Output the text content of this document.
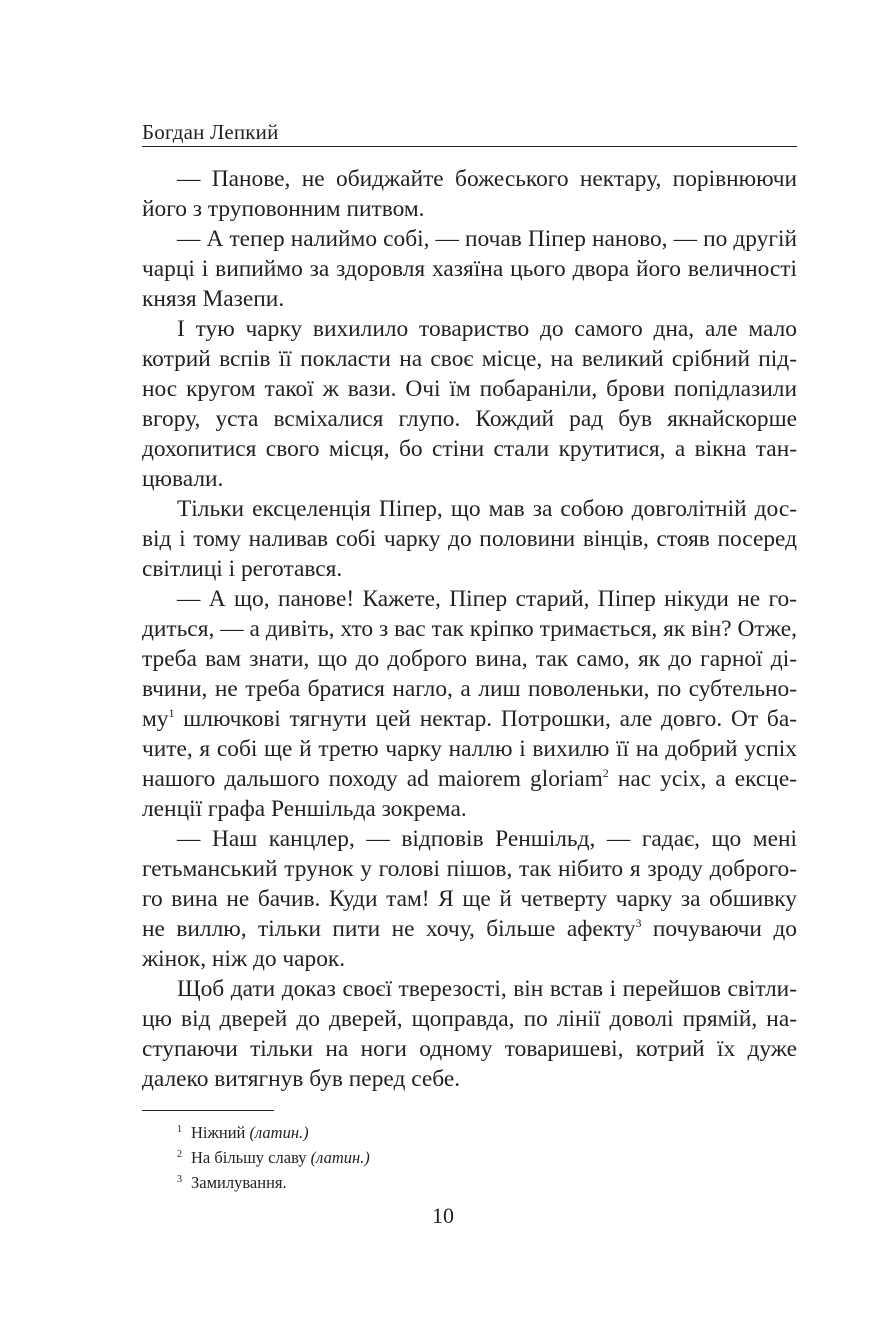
Богдан Лепкий
— Панове, не обиджайте божеського нектару, порівнюючи
його з труповонним питвом.
— А тепер налиймо собі, — почав Піпер наново, — по другій
чарці і випиймо за здоровля хазяїна цього двора його величності
князя Мазепи.
І тую чарку вихилило товариство до самого дна, але мало
котрий вспів її покласти на своє місце, на великий срібний під-
нос кругом такої ж вази. Очі їм побараніли, брови попідлазили
вгору, уста всміхалися глупо. Кождий рад був якнайскорше
дохопитися свого місця, бо стіни стали крутитися, а вікна тан-
цювали.
Тільки ексцеленція Піпер, що мав за собою довголітній дос-
від і тому наливав собі чарку до половини вінців, стояв посеред
світлиці і реготався.
— А що, панове! Кажете, Піпер старий, Піпер нікуди не го-
диться, — а дивіть, хто з вас так кріпко тримається, як він? Отже,
треба вам знати, що до доброго вина, так само, як до гарної ді-
вчини, не треба братися нагло, а лиш поволеньки, по субтельно-
$му^1$ шлючкові тягнути цей нектар. Потрошки, але довго. От ба-
чите, я собі ще й третю чарку наллю і вихилю її на добрий успіх
нашого дальшого походу ad maiorem gloriam$^2$ нас усіх, а ексце-
ленції графа Реншільда зокрема.
— Наш канцлер, — відповів Реншільд, — гадає, що мені
гетьманський трунок у голові пішов, так нібито я зроду доброго-
го вина не бачив. Куди там! Я ще й четверту чарку за обшивку
не виллю, тільки пити не хочу, більше афекту$^3$ почуваючи до
жінок, ніж до чарок.
Щоб дати доказ своєї тверезості, він встав і перейшов світли-
цю від дверей до дверей, щоправда, по лінії доволі прямій, на-
ступаючи тільки на ноги одному товаришеві, котрий їх дуже
далеко витягнув був перед себе.
1 Ніжний (латин.)
2 На більшу славу (латин.)
3 Замилування.
10
